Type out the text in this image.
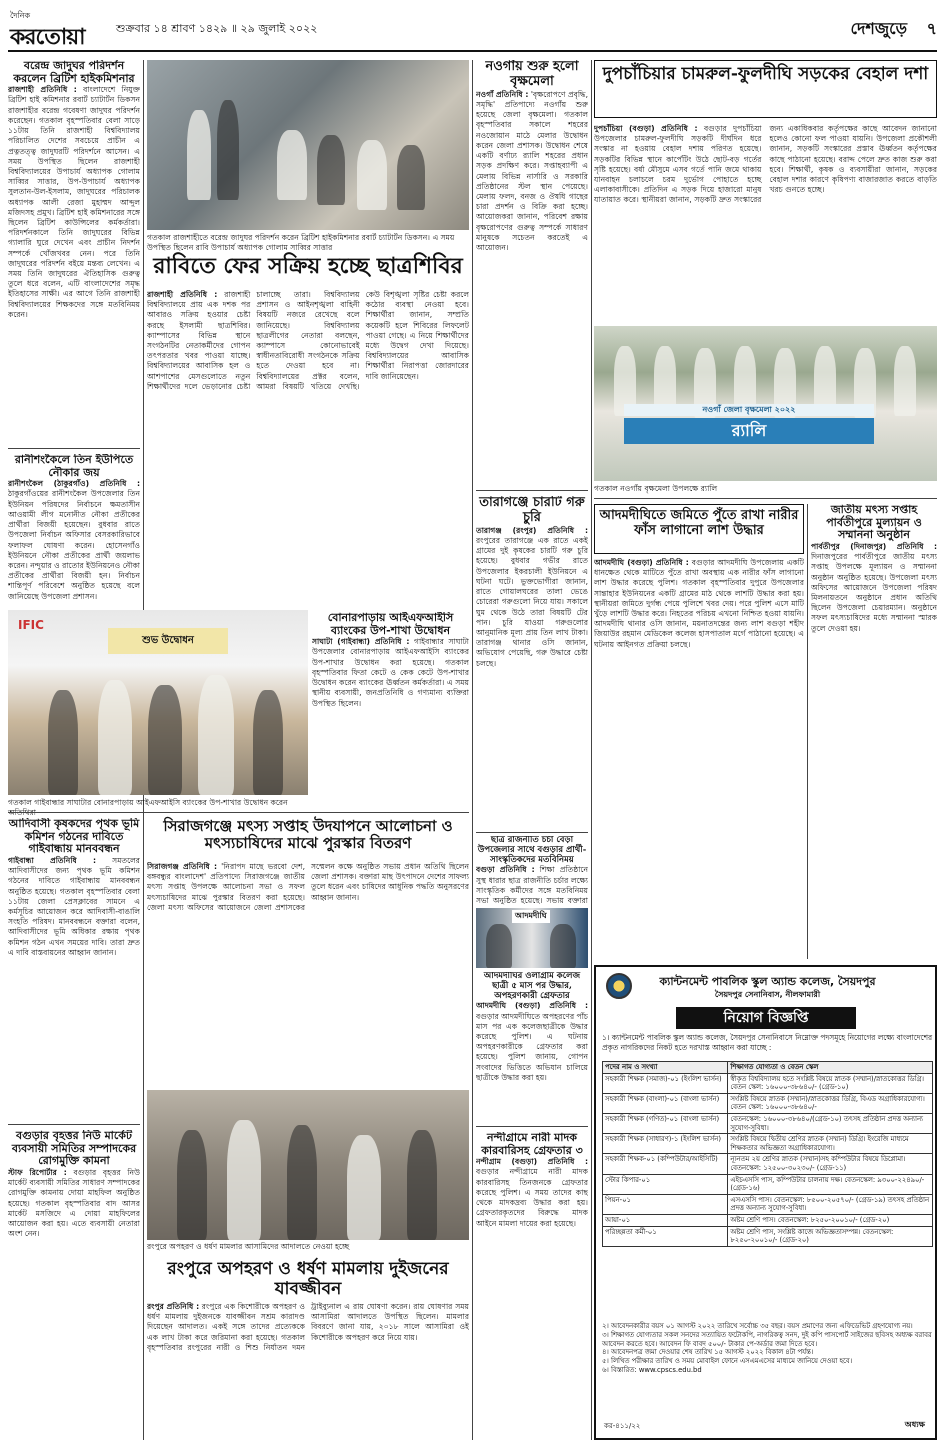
দৈনিক
করতোয়া	শুক্রবার ১৪ শ্রাবণ ১৪২৯ ॥ ২৯ জুলাই ২০২২	দেশজুড়ে ৭
বরেন্দ্র জাদুঘর পরিদর্শন করলেন ব্রিটিশ হাইকমিশনার

রাজশাহী প্রতিনিধি : বাংলাদেশে নিযুক্ত ব্রিটিশ হাই কমিশনার রবার্ট চ্যাটার্টন ডিকসন রাজশাহীর বরেন্দ্র গবেষণা জাদুঘর পরিদর্শন করেছেন। গতকাল বৃহস্পতিবার বেলা সাড়ে ১১টায় তিনি রাজশাহী বিশ্ববিদ্যালয় পরিচালিত দেশের সবচেয়ে প্রাচীন এ প্রত্নতত্ত্ব জাদুঘরটি পরিদর্শনে আসেন। এ সময় উপস্থিত ছিলেন রাজশাহী বিশ্ববিদ্যালয়ের উপাচার্য অধ্যাপক গোলাম সাব্বির সাত্তার, উপ-উপাচার্য অধ্যাপক সুলতান-উল-ইসলাম, জাদুঘরের পরিচালক অধ্যাপক আলী রেজা মুহাম্মদ আব্দুল মজিদসহ প্রমুখ। ব্রিটিশ হাই কমিশনারের সঙ্গে ছিলেন ব্রিটিশ কাউন্সিলের কর্মকর্তারা। পরিদর্শনকালে তিনি জাদুঘরের বিভিন্ন গ্যালারি ঘুরে দেখেন এবং প্রাচীন নিদর্শন সম্পর্কে খোঁজখবর নেন। পরে তিনি জাদুঘরের পরিদর্শন বইয়ে মন্তব্য লেখেন। এ সময় তিনি জাদুঘরের ঐতিহাসিক গুরুত্ব তুলে ধরে বলেন, এটি বাংলাদেশের সমৃদ্ধ ইতিহাসের সাক্ষী। এর আগে তিনি রাজশাহী বিশ্ববিদ্যালয়ের শিক্ষকদের সঙ্গে মতবিনিময় করেন।

রানীশংকৈলে তিন ইউপিতে নৌকার জয়

রানীশংকৈল (ঠাকুরগাঁও) প্রতিনিধি : ঠাকুরগাঁওয়ের রানীশংকৈল উপজেলার তিন ইউনিয়ন পরিষদের নির্বাচনে ক্ষমতাসীন আওয়ামী লীগ মনোনীত নৌকা প্রতীকের প্রার্থীরা বিজয়ী হয়েছেন। বুধবার রাতে উপজেলা নির্বাচন অফিসার বেসরকারিভাবে ফলাফল ঘোষণা করেন। হোসেনগাঁও ইউনিয়নে নৌকা প্রতীকের প্রার্থী জয়লাভ করেন। নন্দুয়ার ও রাতোর ইউনিয়নেও নৌকা প্রতীকের প্রার্থীরা বিজয়ী হন। নির্বাচন শান্তিপূর্ণ পরিবেশে অনুষ্ঠিত হয়েছে বলে জানিয়েছে উপজেলা প্রশাসন।

গতকাল রাজশাহীতে বরেন্দ্র জাদুঘর পরিদর্শন করেন ব্রিটিশ হাইকমিশনার রবার্ট চ্যাটার্টন ডিকসন। এ সময় উপস্থিত ছিলেন রাবি উপাচার্য অধ্যাপক গোলাম সাব্বির সাত্তার
রাবিতে ফের সক্রিয় হচ্ছে ছাত্রশিবির

রাজশাহী প্রতিনিধি : রাজশাহী বিশ্ববিদ্যালয়ে প্রায় এক দশক পর আবারও সক্রিয় হওয়ার চেষ্টা করছে ইসলামী ছাত্রশিবির। ক্যাম্পাসের বিভিন্ন স্থানে সংগঠনটির নেতাকর্মীদের গোপন তৎপরতার খবর পাওয়া যাচ্ছে। বিশ্ববিদ্যালয়ের আবাসিক হল ও আশপাশের মেসগুলোতে নতুন শিক্ষার্থীদের দলে ভেড়ানোর চেষ্টা চালাচ্ছে তারা। বিশ্ববিদ্যালয় প্রশাসন ও আইনশৃঙ্খলা বাহিনী বিষয়টি নজরে রেখেছে বলে জানিয়েছে। বিশ্ববিদ্যালয় ছাত্রলীগের নেতারা বলছেন, ক্যাম্পাসে কোনোভাবেই স্বাধীনতাবিরোধী সংগঠনকে সক্রিয় হতে দেওয়া হবে না। বিশ্ববিদ্যালয়ের প্রক্টর বলেন, আমরা বিষয়টি খতিয়ে দেখছি। কেউ বিশৃঙ্খলা সৃষ্টির চেষ্টা করলে কঠোর ব্যবস্থা নেওয়া হবে। শিক্ষার্থীরা জানান, সম্প্রতি কয়েকটি হলে শিবিরের লিফলেট পাওয়া গেছে। এ নিয়ে শিক্ষার্থীদের মধ্যে উদ্বেগ দেখা দিয়েছে। বিশ্ববিদ্যালয়ের আবাসিক শিক্ষার্থীরা নিরাপত্তা জোরদারের দাবি জানিয়েছেন।

IFIC
শুভ উদ্বোধন
গতকাল গাইবান্ধার সাঘাটার বোনারপাড়ায় আইএফআইসি ব্যাংকের উপ-শাখার উদ্বোধন করেন
বোনারপাড়ায় আইএফআইসি ব্যাংকের উপ-শাখা উদ্বোধন

সাঘাটা (গাইবান্ধা) প্রতিনিধি : গাইবান্ধার সাঘাটা উপজেলার বোনারপাড়ায় আইএফআইসি ব্যাংকের উপ-শাখার উদ্বোধন করা হয়েছে। গতকাল বৃহস্পতিবার ফিতা কেটে ও কেক কেটে উপ-শাখার উদ্বোধন করেন ব্যাংকের ঊর্ধ্বতন কর্মকর্তারা। এ সময় স্থানীয় ব্যবসায়ী, জনপ্রতিনিধি ও গণ্যমান্য ব্যক্তিরা উপস্থিত ছিলেন।

আদিবাসী কৃষকদের পৃথক ভূমি কমিশন গঠনের দাবিতে গাইবান্ধায় মানববন্ধন

গাইবান্ধা প্রতিনিধি : সমতলের আদিবাসীদের জন্য পৃথক ভূমি কমিশন গঠনের দাবিতে গাইবান্ধায় মানববন্ধন অনুষ্ঠিত হয়েছে। গতকাল বৃহস্পতিবার বেলা ১১টায় জেলা প্রেসক্লাবের সামনে এ কর্মসূচির আয়োজন করে আদিবাসী-বাঙালি সংহতি পরিষদ। মানববন্ধনে বক্তারা বলেন, আদিবাসীদের ভূমি অধিকার রক্ষায় পৃথক কমিশন গঠন এখন সময়ের দাবি। তারা দ্রুত এ দাবি বাস্তবায়নের আহ্বান জানান।

বগুড়ার বৃহত্তর নিউ মার্কেট ব্যবসায়ী সমিতির সম্পাদকের রোগমুক্তি কামনা

স্টাফ রিপোর্টার : বগুড়ার বৃহত্তর নিউ মার্কেট ব্যবসায়ী সমিতির সাধারণ সম্পাদকের রোগমুক্তি কামনায় দোয়া মাহফিল অনুষ্ঠিত হয়েছে। গতকাল বৃহস্পতিবার বাদ আসর মার্কেট মসজিদে এ দোয়া মাহফিলের আয়োজন করা হয়। এতে ব্যবসায়ী নেতারা অংশ নেন।

সিরাজগঞ্জে মৎস্য সপ্তাহ উদযাপনে আলোচনা ও মৎস্যচাষিদের মাঝে পুরস্কার বিতরণ

সিরাজগঞ্জ প্রতিনিধি : 'নিরাপদ মাছে ভরবো দেশ, বঙ্গবন্ধুর বাংলাদেশ' প্রতিপাদ্যে সিরাজগঞ্জে জাতীয় মৎস্য সপ্তাহ উপলক্ষে আলোচনা সভা ও সফল মৎস্যচাষিদের মাঝে পুরস্কার বিতরণ করা হয়েছে। জেলা মৎস্য অফিসের আয়োজনে জেলা প্রশাসকের সম্মেলন কক্ষে অনুষ্ঠিত সভায় প্রধান অতিথি ছিলেন জেলা প্রশাসক। বক্তারা মাছ উৎপাদনে দেশের সাফল্য তুলে ধরেন এবং চাষিদের আধুনিক পদ্ধতি অনুসরণের আহ্বান জানান।

রংপুরে অপহরণ ও ধর্ষণ মামলার আসামিদের আদালতে নেওয়া হচ্ছে
রংপুরে অপহরণ ও ধর্ষণ মামলায় দুইজনের যাবজ্জীবন

রংপুর প্রতিনিধি : রংপুরে এক কিশোরীকে অপহরণ ও ধর্ষণ মামলায় দুইজনকে যাবজ্জীবন সশ্রম কারাদণ্ড দিয়েছেন আদালত। একই সঙ্গে তাদের প্রত্যেককে এক লাখ টাকা করে জরিমানা করা হয়েছে। গতকাল বৃহস্পতিবার রংপুরের নারী ও শিশু নির্যাতন দমন ট্রাইব্যুনাল এ রায় ঘোষণা করেন। রায় ঘোষণার সময় আসামিরা আদালতে উপস্থিত ছিলেন। মামলার বিবরণে জানা যায়, ২০১৮ সালে আসামিরা ওই কিশোরীকে অপহরণ করে নিয়ে যায়।

নওগাঁয় শুরু হলো বৃক্ষমেলা

নওগাঁ প্রতিনিধি : 'বৃক্ষরোপণে প্রবৃদ্ধি, সমৃদ্ধি' প্রতিপাদ্যে নওগাঁয় শুরু হয়েছে জেলা বৃক্ষমেলা। গতকাল বৃহস্পতিবার সকালে শহরের নওজোয়ান মাঠে মেলার উদ্বোধন করেন জেলা প্রশাসক। উদ্বোধন শেষে একটি বর্ণাঢ্য র‌্যালি শহরের প্রধান সড়ক প্রদক্ষিণ করে। সপ্তাহব্যাপী এ মেলায় বিভিন্ন নার্সারি ও সরকারি প্রতিষ্ঠানের স্টল স্থান পেয়েছে। মেলায় ফলদ, বনজ ও ঔষধি গাছের চারা প্রদর্শন ও বিক্রি করা হচ্ছে। আয়োজকরা জানান, পরিবেশ রক্ষায় বৃক্ষরোপণের গুরুত্ব সম্পর্কে সাধারণ মানুষকে সচেতন করতেই এ আয়োজন।

তারাগঞ্জে চারটি গরু চুরি

তারাগঞ্জ (রংপুর) প্রতিনিধি : রংপুরের তারাগঞ্জে এক রাতে একই গ্রামের দুই কৃষকের চারটি গরু চুরি হয়েছে। বুধবার গভীর রাতে উপজেলার ইকরচালী ইউনিয়নে এ ঘটনা ঘটে। ভুক্তভোগীরা জানান, রাতে গোয়ালঘরের তালা ভেঙে চোরেরা গরুগুলো নিয়ে যায়। সকালে ঘুম থেকে উঠে তারা বিষয়টি টের পান। চুরি যাওয়া গরুগুলোর আনুমানিক মূল্য প্রায় তিন লাখ টাকা। তারাগঞ্জ থানার ওসি জানান, অভিযোগ পেয়েছি, গরু উদ্ধারে চেষ্টা চলছে।

ছাত্র রাজনীতি চর্চা বেড়া উপজেলার সাথে বগুড়ার প্রার্থী-সাংস্কৃতিকদের মতবিনিময়

বগুড়া প্রতিনিধি : শিক্ষা প্রতিষ্ঠানে সুস্থ ধারার ছাত্র রাজনীতি চর্চার লক্ষ্যে সাংস্কৃতিক কর্মীদের সঙ্গে মতবিনিময় সভা অনুষ্ঠিত হয়েছে। সভায় বক্তারা

আদমদীঘি
আদমদীঘির ওলাগ্রাম কলেজ ছাত্রী ৫ মাস পর উদ্ধার, অপহরণকারী গ্রেফতার

আদমদীঘি (বগুড়া) প্রতিনিধি : বগুড়ার আদমদীঘিতে অপহরণের পাঁচ মাস পর এক কলেজছাত্রীকে উদ্ধার করেছে পুলিশ। এ ঘটনায় অপহরণকারীকে গ্রেফতার করা হয়েছে। পুলিশ জানায়, গোপন সংবাদের ভিত্তিতে অভিযান চালিয়ে ছাত্রীকে উদ্ধার করা হয়।

নন্দীগ্রামে নারী মাদক কারবারিসহ গ্রেফতার ৩

নন্দীগ্রাম (বগুড়া) প্রতিনিধি : বগুড়ার নন্দীগ্রামে নারী মাদক কারবারিসহ তিনজনকে গ্রেফতার করেছে পুলিশ। এ সময় তাদের কাছ থেকে মাদকদ্রব্য উদ্ধার করা হয়। গ্রেফতারকৃতদের বিরুদ্ধে মাদক আইনে মামলা দায়ের করা হয়েছে।

দুপচাঁচিয়ার চামরুল-ফুলদীঘি সড়কের বেহাল দশা

দুপচাঁচিয়া (বগুড়া) প্রতিনিধি : বগুড়ার দুপচাঁচিয়া উপজেলার চামরুল-ফুলদীঘি সড়কটি দীর্ঘদিন ধরে সংস্কার না হওয়ায় বেহাল দশায় পরিণত হয়েছে। সড়কটির বিভিন্ন স্থানে কার্পেটিং উঠে ছোট-বড় গর্তের সৃষ্টি হয়েছে। বর্ষা মৌসুমে এসব গর্তে পানি জমে থাকায় যানবাহন চলাচলে চরম দুর্ভোগ পোহাতে হচ্ছে এলাকাবাসীকে। প্রতিদিন এ সড়ক দিয়ে হাজারো মানুষ যাতায়াত করে। স্থানীয়রা জানান, সড়কটি দ্রুত সংস্কারের জন্য একাধিকবার কর্তৃপক্ষের কাছে আবেদন জানানো হলেও কোনো ফল পাওয়া যায়নি। উপজেলা প্রকৌশলী জানান, সড়কটি সংস্কারের প্রস্তাব ঊর্ধ্বতন কর্তৃপক্ষের কাছে পাঠানো হয়েছে। বরাদ্দ পেলে দ্রুত কাজ শুরু করা হবে। শিক্ষার্থী, কৃষক ও ব্যবসায়ীরা জানান, সড়কের বেহাল দশার কারণে কৃষিপণ্য বাজারজাত করতে বাড়তি খরচ গুনতে হচ্ছে।

নওগাঁ জেলা বৃক্ষমেলা ২০২২
র‌্যালি
গতকাল নওগাঁয় বৃক্ষমেলা উপলক্ষে র‌্যালি
আদমদীঘিতে জমিতে পুঁতে রাখা নারীর ফাঁস লাগানো লাশ উদ্ধার

আদমদীঘি (বগুড়া) প্রতিনিধি : বগুড়ার আদমদীঘি উপজেলায় একটি ধানক্ষেত থেকে মাটিতে পুঁতে রাখা অবস্থায় এক নারীর ফাঁস লাগানো লাশ উদ্ধার করেছে পুলিশ। গতকাল বৃহস্পতিবার দুপুরে উপজেলার সান্তাহার ইউনিয়নের একটি গ্রামের মাঠ থেকে লাশটি উদ্ধার করা হয়। স্থানীয়রা জমিতে দুর্গন্ধ পেয়ে পুলিশে খবর দেয়। পরে পুলিশ এসে মাটি খুঁড়ে লাশটি উদ্ধার করে। নিহতের পরিচয় এখনো নিশ্চিত হওয়া যায়নি। আদমদীঘি থানার ওসি জানান, ময়নাতদন্তের জন্য লাশ বগুড়া শহীদ জিয়াউর রহমান মেডিকেল কলেজ হাসপাতাল মর্গে পাঠানো হয়েছে। এ ঘটনায় আইনগত প্রক্রিয়া চলছে।

জাতীয় মৎস্য সপ্তাহ পার্বতীপুরে মুল্যায়ন ও সম্মাননা অনুষ্ঠান

পার্বতীপুর (দিনাজপুর) প্রতিনিধি : দিনাজপুরের পার্বতীপুরে জাতীয় মৎস্য সপ্তাহ উপলক্ষে মূল্যায়ন ও সম্মাননা অনুষ্ঠান অনুষ্ঠিত হয়েছে। উপজেলা মৎস্য অফিসের আয়োজনে উপজেলা পরিষদ মিলনায়তনে অনুষ্ঠানে প্রধান অতিথি ছিলেন উপজেলা চেয়ারম্যান। অনুষ্ঠানে সফল মৎস্যচাষিদের মধ্যে সম্মাননা স্মারক তুলে দেওয়া হয়।

ক্যান্টনমেন্ট পাবলিক স্কুল অ্যান্ড কলেজ, সৈয়দপুর
সৈয়দপুর সেনানিবাস, নীলফামারী
নিয়োগ বিজ্ঞপ্তি
১। ক্যান্টনমেন্ট পাবলিক স্কুল অ্যান্ড কলেজ, সৈয়দপুর সেনানিবাসে নিম্নোক্ত পদসমূহে নিয়োগের লক্ষ্যে বাংলাদেশের প্রকৃত নাগরিকদের নিকট হতে দরখাস্ত আহ্বান করা যাচ্ছে :
পদের নাম ও সংখ্যা	শিক্ষাগত যোগ্যতা ও বেতন স্কেল
সহকারী শিক্ষক (সমাজ)-০১ (ইংলিশ ভার্সন)	স্বীকৃত বিশ্ববিদ্যালয় হতে সংশ্লিষ্ট বিষয়ে স্নাতক (সম্মান)/স্নাতকোত্তর ডিগ্রি। বেতন স্কেল: ১৬০০০-৩৮৬৪০/- (গ্রেড-১০)
সহকারী শিক্ষক (বাংলা)-০১ (বাংলা ভার্সন)	সংশ্লিষ্ট বিষয়ে স্নাতক (সম্মান)/স্নাতকোত্তর ডিগ্রি, বিএড অগ্রাধিকারযোগ্য। বেতন স্কেল: ১৬০০০-৩৮৬৪০/-
সহকারী শিক্ষক (গণিত)-০১ (বাংলা ভার্সন)	বেতনস্কেল: ১৬০০০-৩৮৬৪০/(গ্রেড-১০) তৎসহ প্রতিষ্ঠান প্রদত্ত অন্যান্য সুযোগ-সুবিধা।
সহকারী শিক্ষক (সাধারণ)-১ (ইংলিশ ভার্সন)	সংশ্লিষ্ট বিষয়ে দ্বিতীয় শ্রেণির স্নাতক (সম্মান) ডিগ্রি। ইংরেজি মাধ্যমে শিক্ষকতার অভিজ্ঞতা অগ্রাধিকারযোগ্য।
সহকারী শিক্ষক-০১ (কম্পিউটার/আইসিটি)	ন্যূনতম ২য় শ্রেণির স্নাতক (সম্মান)সহ কম্পিউটার বিষয়ে ডিপ্লোমা। বেতনস্কেল: ১২৫০০-৩০২৩০/- (গ্রেড-১১)
স্টোর কিপার-০১	এইচএসসি পাস, কম্পিউটার চালনায় দক্ষ। বেতনস্কেল: ৯৩০০-২২৪৯০/- (গ্রেড-১৬)
পিয়ন-০১	এসএসসি পাস। বেতনস্কেল: ৮৫০০-২০৫৭০/- (গ্রেড-১৯) তৎসহ প্রতিষ্ঠান প্রদত্ত অন্যান্য সুযোগ-সুবিধা।
আয়া-০১	অষ্টম শ্রেণি পাস। বেতনস্কেল: ৮২৫০-২০০১০/- (গ্রেড-২০)
পরিচ্ছন্নতা কর্মী-০১	অষ্টম শ্রেণি পাস, সংশ্লিষ্ট কাজে অভিজ্ঞতাসম্পন্ন। বেতনস্কেল: ৮২৫০-২০০১০/- (গ্রেড-২০)

২। আবেদনকারীর বয়স ০১ আগস্ট ২০২২ তারিখে সর্বোচ্চ ৩৫ বছর। বয়স প্রমাণের জন্য এফিডেভিট গ্রহণযোগ্য নয়।

৩। শিক্ষাগত যোগ্যতার সকল সনদের সত্যায়িত ফটোকপি, নাগরিকত্ব সনদ, দুই কপি পাসপোর্ট সাইজের ছবিসহ অধ্যক্ষ বরাবর আবেদন করতে হবে। আবেদন ফি বাবদ ৫০০/- টাকার পে-অর্ডার জমা দিতে হবে।

৪। আবেদনপত্র জমা দেওয়ার শেষ তারিখ ১৫ আগস্ট ২০২২ বিকাল ৪টা পর্যন্ত।

৫। লিখিত পরীক্ষার তারিখ ও সময় মোবাইল ফোনে এসএমএসের মাধ্যমে জানিয়ে দেওয়া হবে।

৬। বিস্তারিত: www.cpscs.edu.bd

কর-৪১১/২২	অধ্যক্ষ
